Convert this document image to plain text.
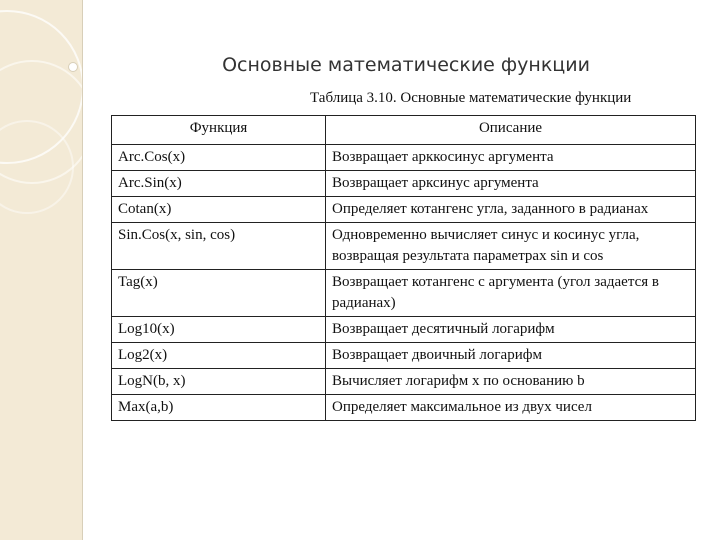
Основные математические функции

Таблица 3.10. Основные математические функции

Функция	Описание
Arc.Cos(x)	Возвращает арккосинус аргумента
Arc.Sin(x)	Возвращает арксинус аргумента
Cotan(x)	Определяет котангенс угла, заданного в радианах
Sin.Cos(x, sin, cos)	Одновременно вычисляет синус и косинус угла, возвращая результата параметрах sin и cos
Tag(x)	Возвращает котангенс с аргумента (угол задается в радианах)
Log10(x)	Возвращает десятичный логарифм
Log2(x)	Возвращает двоичный логарифм
LogN(b, x)	Вычисляет логарифм x по основанию b
Max(a,b)	Определяет максимальное из двух чисел
